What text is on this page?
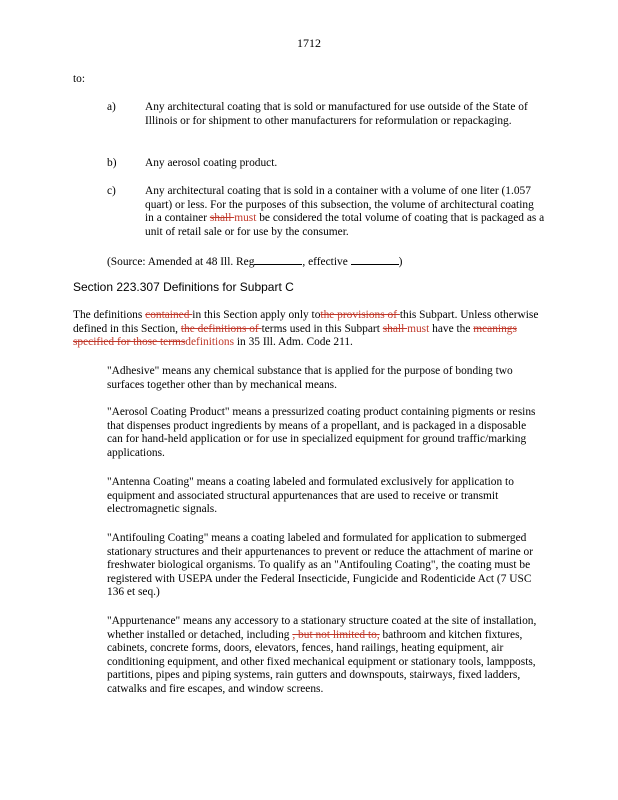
1712
to:
a)	Any architectural coating that is sold or manufactured for use outside of the State of Illinois or for shipment to other manufacturers for reformulation or repackaging.
b)	Any aerosol coating product.
c)	Any architectural coating that is sold in a container with a volume of one liter (1.057 quart) or less. For the purposes of this subsection, the volume of architectural coating in a container shall must be considered the total volume of coating that is packaged as a unit of retail sale or for use by the consumer.
(Source: Amended at 48 Ill. Reg	, effective	)
Section 223.307 Definitions for Subpart C
The definitions contained in this Section apply only tothe provisions of this Subpart. Unless otherwise defined in this Section, the definitions of terms used in this Subpart shall must have the meanings specified for those termsdefinitions in 35 Ill. Adm. Code 211.
"Adhesive" means any chemical substance that is applied for the purpose of bonding two surfaces together other than by mechanical means.
"Aerosol Coating Product" means a pressurized coating product containing pigments or resins that dispenses product ingredients by means of a propellant, and is packaged in a disposable can for hand-held application or for use in specialized equipment for ground traffic/marking applications.
"Antenna Coating" means a coating labeled and formulated exclusively for application to equipment and associated structural appurtenances that are used to receive or transmit electromagnetic signals.
"Antifouling Coating" means a coating labeled and formulated for application to submerged stationary structures and their appurtenances to prevent or reduce the attachment of marine or freshwater biological organisms. To qualify as an "Antifouling Coating", the coating must be registered with USEPA under the Federal Insecticide, Fungicide and Rodenticide Act (7 USC 136 et seq.)
"Appurtenance" means any accessory to a stationary structure coated at the site of installation, whether installed or detached, including , but not limited to, bathroom and kitchen fixtures, cabinets, concrete forms, doors, elevators, fences, hand railings, heating equipment, air conditioning equipment, and other fixed mechanical equipment or stationary tools, lampposts, partitions, pipes and piping systems, rain gutters and downspouts, stairways, fixed ladders, catwalks and fire escapes, and window screens.
